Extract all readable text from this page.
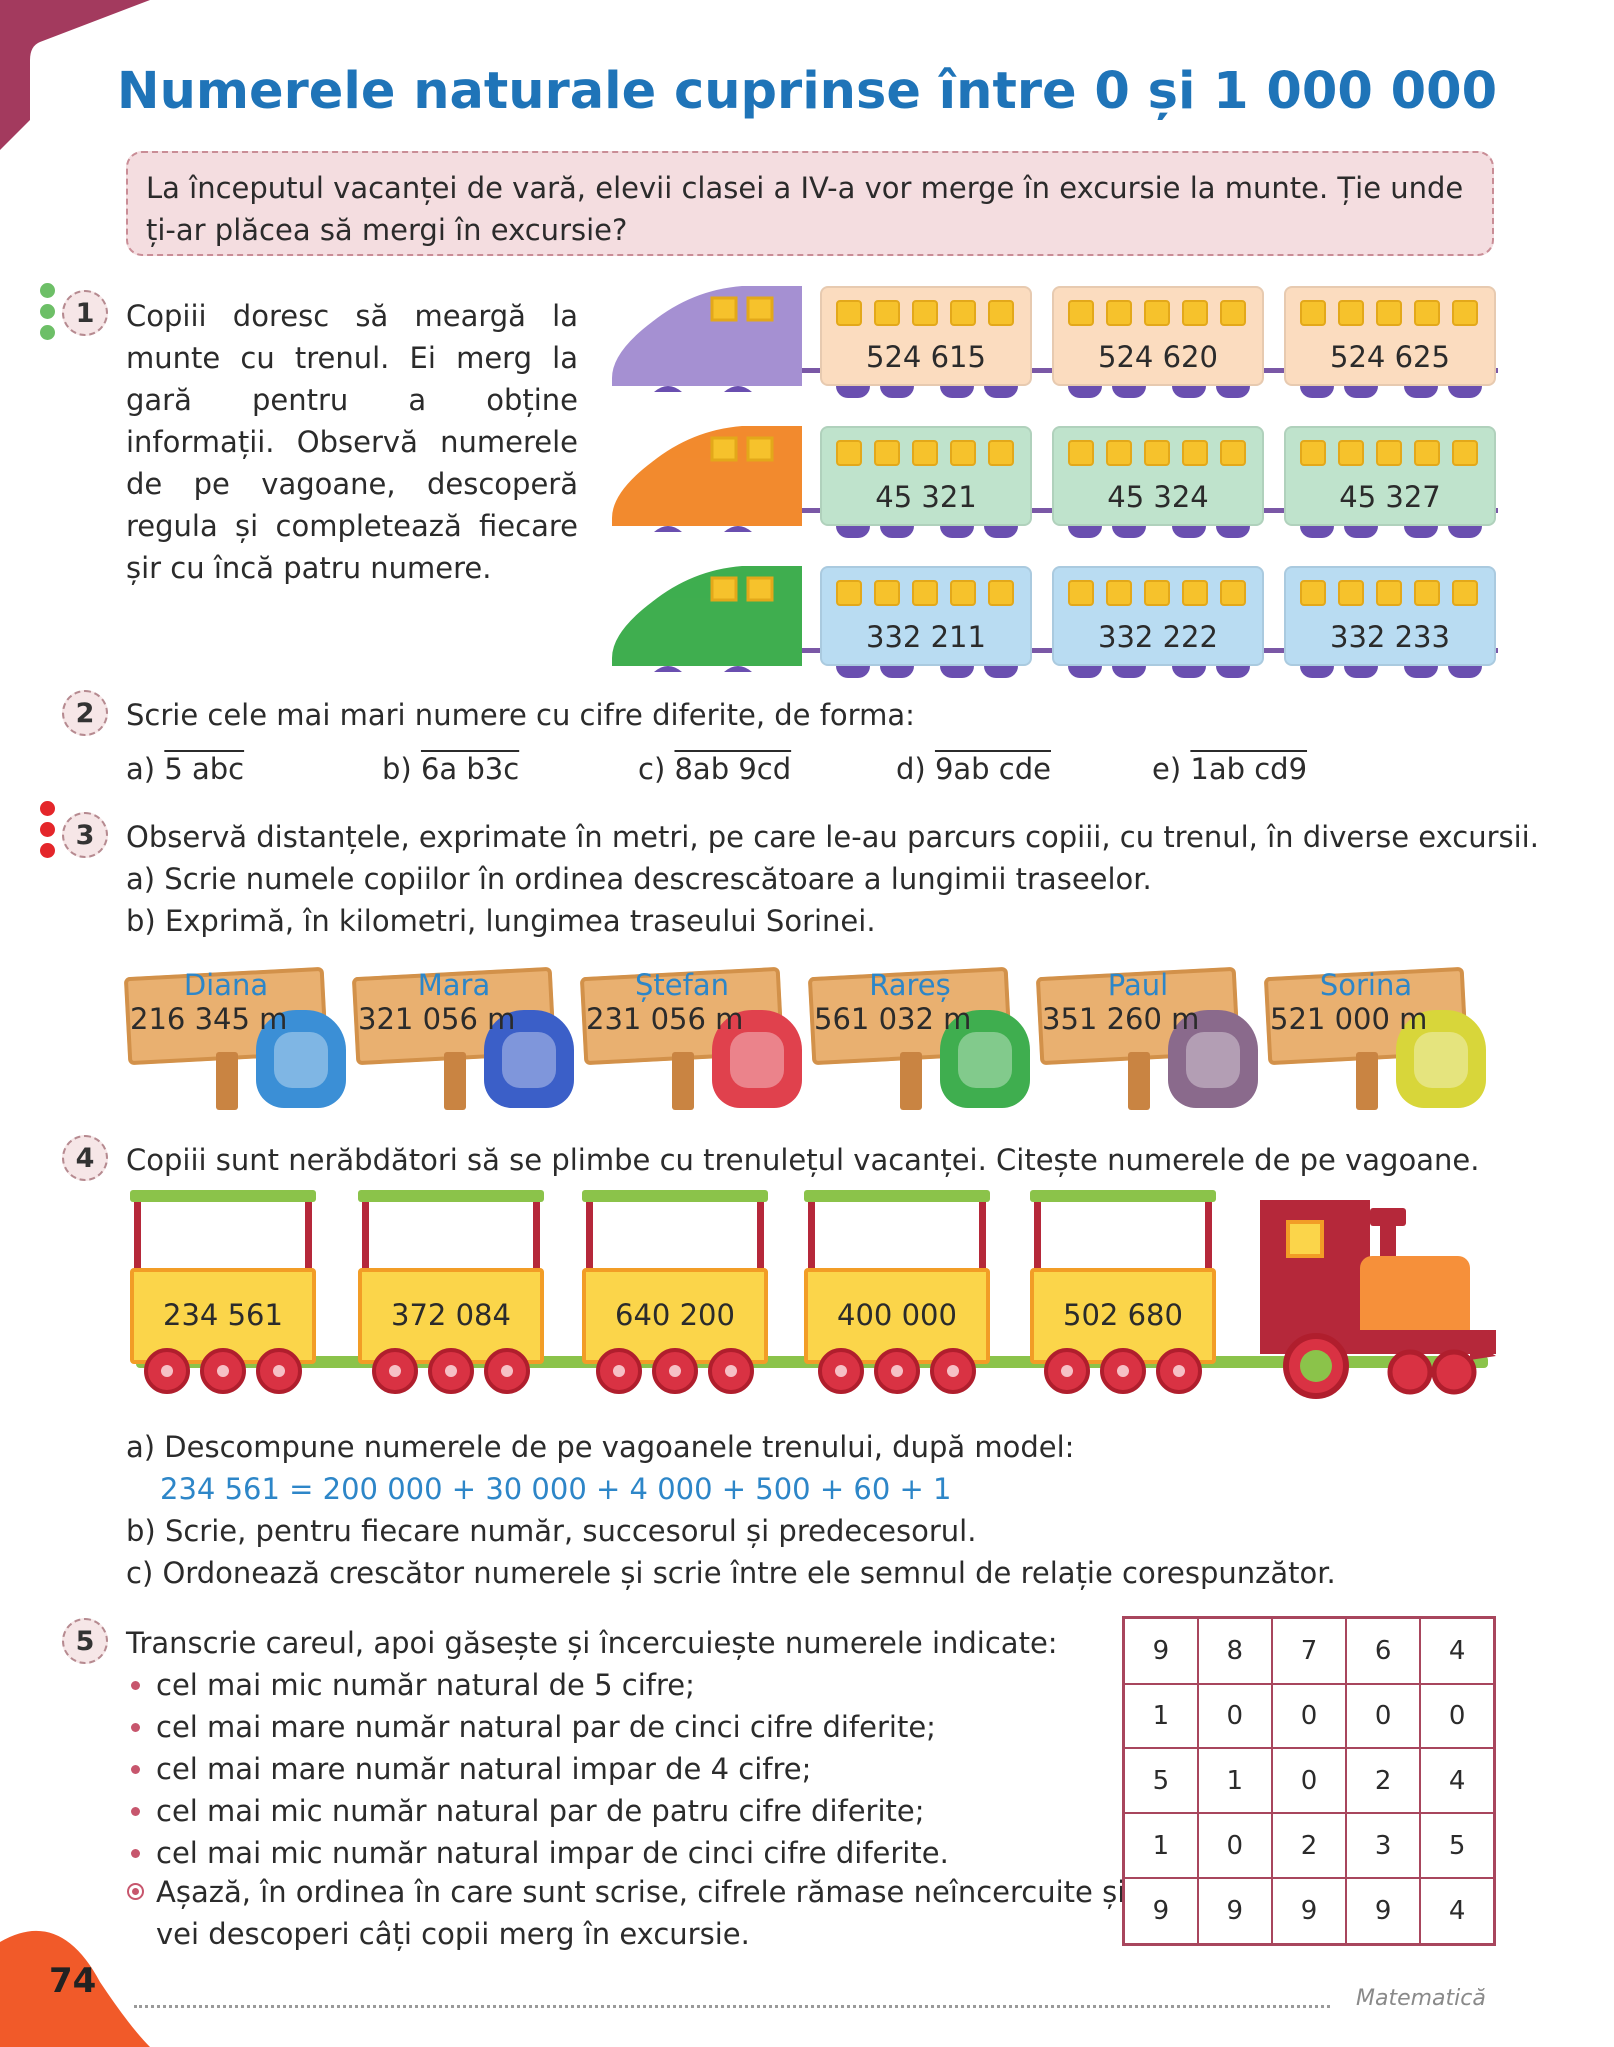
Numerele naturale cuprinse între 0 și 1 000 000
La începutul vacanței de vară, elevii clasei a IV-a vor merge în excursie la munte. Ție unde ți-ar plăcea să mergi în excursie?
1	Copiii doresc să meargă la munte cu trenul. Ei merg la gară pentru a obține informații. Observă numerele de pe vagoane, descoperă regula și completează fiecare șir cu încă patru numere.
524 615	524 620	524 625
45 321	45 324	45 327
332 211	332 222	332 233
2	Scrie cele mai mari numere cu cifre diferite, de forma:
a) 5 abc	b) 6a b3c	c) 8ab 9cd	d) 9ab cde	e) 1ab cd9
3	Observă distanțele, exprimate în metri, pe care le-au parcurs copiii, cu trenul, în diverse excursii.
a) Scrie numele copiilor în ordinea descrescătoare a lungimii traseelor.
b) Exprimă, în kilometri, lungimea traseului Sorinei.
Diana
216 345 m
Mara
321 056 m
Ștefan
231 056 m
Rareș
561 032 m
Paul
351 260 m
Sorina
521 000 m
4	Copiii sunt nerăbdători să se plimbe cu trenulețul vacanței. Citește numerele de pe vagoane.
234 561	372 084	640 200	400 000	502 680
a) Descompune numerele de pe vagoanele trenului, după model:
234 561 = 200 000 + 30 000 + 4 000 + 500 + 60 + 1
b) Scrie, pentru fiecare număr, succesorul și predecesorul.
c) Ordonează crescător numerele și scrie între ele semnul de relație corespunzător.
5	Transcrie careul, apoi găsește și încercuiește numerele indicate:
cel mai mic număr natural de 5 cifre;
cel mai mare număr natural par de cinci cifre diferite;
cel mai mare număr natural impar de 4 cifre;
cel mai mic număr natural par de patru cifre diferite;
cel mai mic număr natural impar de cinci cifre diferite.
Așază, în ordinea în care sunt scrise, cifrele rămase neîncercuite și
vei descoperi câți copii merg în excursie.
9	8	7	6	4
1	0	0	0	0
5	1	0	2	4
1	0	2	3	5
9	9	9	9	4
74	Matematică
